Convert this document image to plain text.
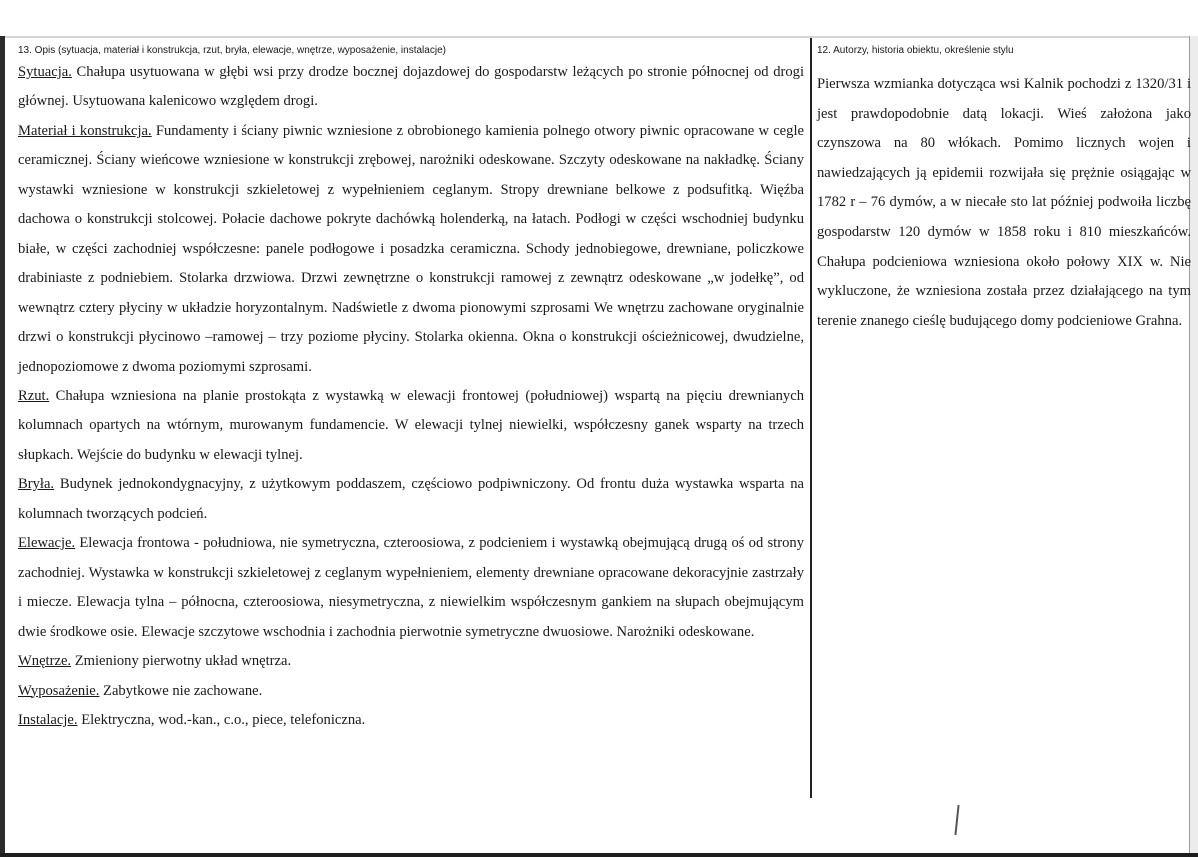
13. Opis (sytuacja, materiał i konstrukcja, rzut, bryła, elewacje, wnętrze, wyposażenie, instalacje)	12. Autorzy, historia obiektu, określenie stylu

Sytuacja. Chałupa usytuowana w głębi wsi przy drodze bocznej dojazdowej do gospodarstw leżących po stronie północnej od drogi głównej. Usytuowana kalenicowo względem drogi.

Materiał i konstrukcja. Fundamenty i ściany piwnic wzniesione z obrobionego kamienia polnego otwory piwnic opracowane w cegle ceramicznej. Ściany wieńcowe wzniesione w konstrukcji zrębowej, narożniki odeskowane. Szczyty odeskowane na nakładkę. Ściany wystawki wzniesione w konstrukcji szkieletowej z wypełnieniem ceglanym. Stropy drewniane belkowe z podsufitką. Więźba dachowa o konstrukcji stolcowej. Połacie dachowe pokryte dachówką holenderką, na łatach. Podłogi w części wschodniej budynku białe, w części zachodniej współczesne: panele podłogowe i posadzka ceramiczna. Schody jednobiegowe, drewniane, policzkowe drabiniaste z podniebiem. Stolarka drzwiowa. Drzwi zewnętrzne o konstrukcji ramowej z zewnątrz odeskowane „w jodełkę”, od wewnątrz cztery płyciny w układzie horyzontalnym. Nadświetle z dwoma pionowymi szprosami We wnętrzu zachowane oryginalnie drzwi o konstrukcji płycinowo –ramowej – trzy poziome płyciny. Stolarka okienna. Okna o konstrukcji ościeżnicowej, dwudzielne, jednopoziomowe z dwoma poziomymi szprosami.

Rzut. Chałupa wzniesiona na planie prostokąta z wystawką w elewacji frontowej (południowej) wspartą na pięciu drewnianych kolumnach opartych na wtórnym, murowanym fundamencie. W elewacji tylnej niewielki, współczesny ganek wsparty na trzech słupkach. Wejście do budynku w elewacji tylnej.

Bryła. Budynek jednokondygnacyjny, z użytkowym poddaszem, częściowo podpiwniczony. Od frontu duża wystawka wsparta na kolumnach tworzących podcień.

Elewacje. Elewacja frontowa - południowa, nie symetryczna, czteroosiowa, z podcieniem i wystawką obejmującą drugą oś od strony zachodniej. Wystawka w konstrukcji szkieletowej z ceglanym wypełnieniem, elementy drewniane opracowane dekoracyjnie zastrzały i miecze. Elewacja tylna – północna, czteroosiowa, niesymetryczna, z niewielkim współczesnym gankiem na słupach obejmującym dwie środkowe osie. Elewacje szczytowe wschodnia i zachodnia pierwotnie symetryczne dwuosiowe. Narożniki odeskowane.

Wnętrze. Zmieniony pierwotny układ wnętrza.

Wyposażenie. Zabytkowe nie zachowane.

Instalacje. Elektryczna, wod.-kan., c.o., piece, telefoniczna.

Pierwsza wzmianka dotycząca wsi Kalnik pochodzi z 1320/31 i jest prawdopodobnie datą lokacji. Wieś założona jako czynszowa na 80 włókach. Pomimo licznych wojen i nawiedzających ją epidemii rozwijała się prężnie osiągając w 1782 r – 76 dymów, a w niecałe sto lat później podwoiła liczbę gospodarstw 120 dymów w 1858 roku i 810 mieszkańców. Chałupa podcieniowa wzniesiona około połowy XIX w. Nie wykluczone, że wzniesiona została przez działającego na tym terenie znanego cieślę budującego domy podcieniowe Grahna.
